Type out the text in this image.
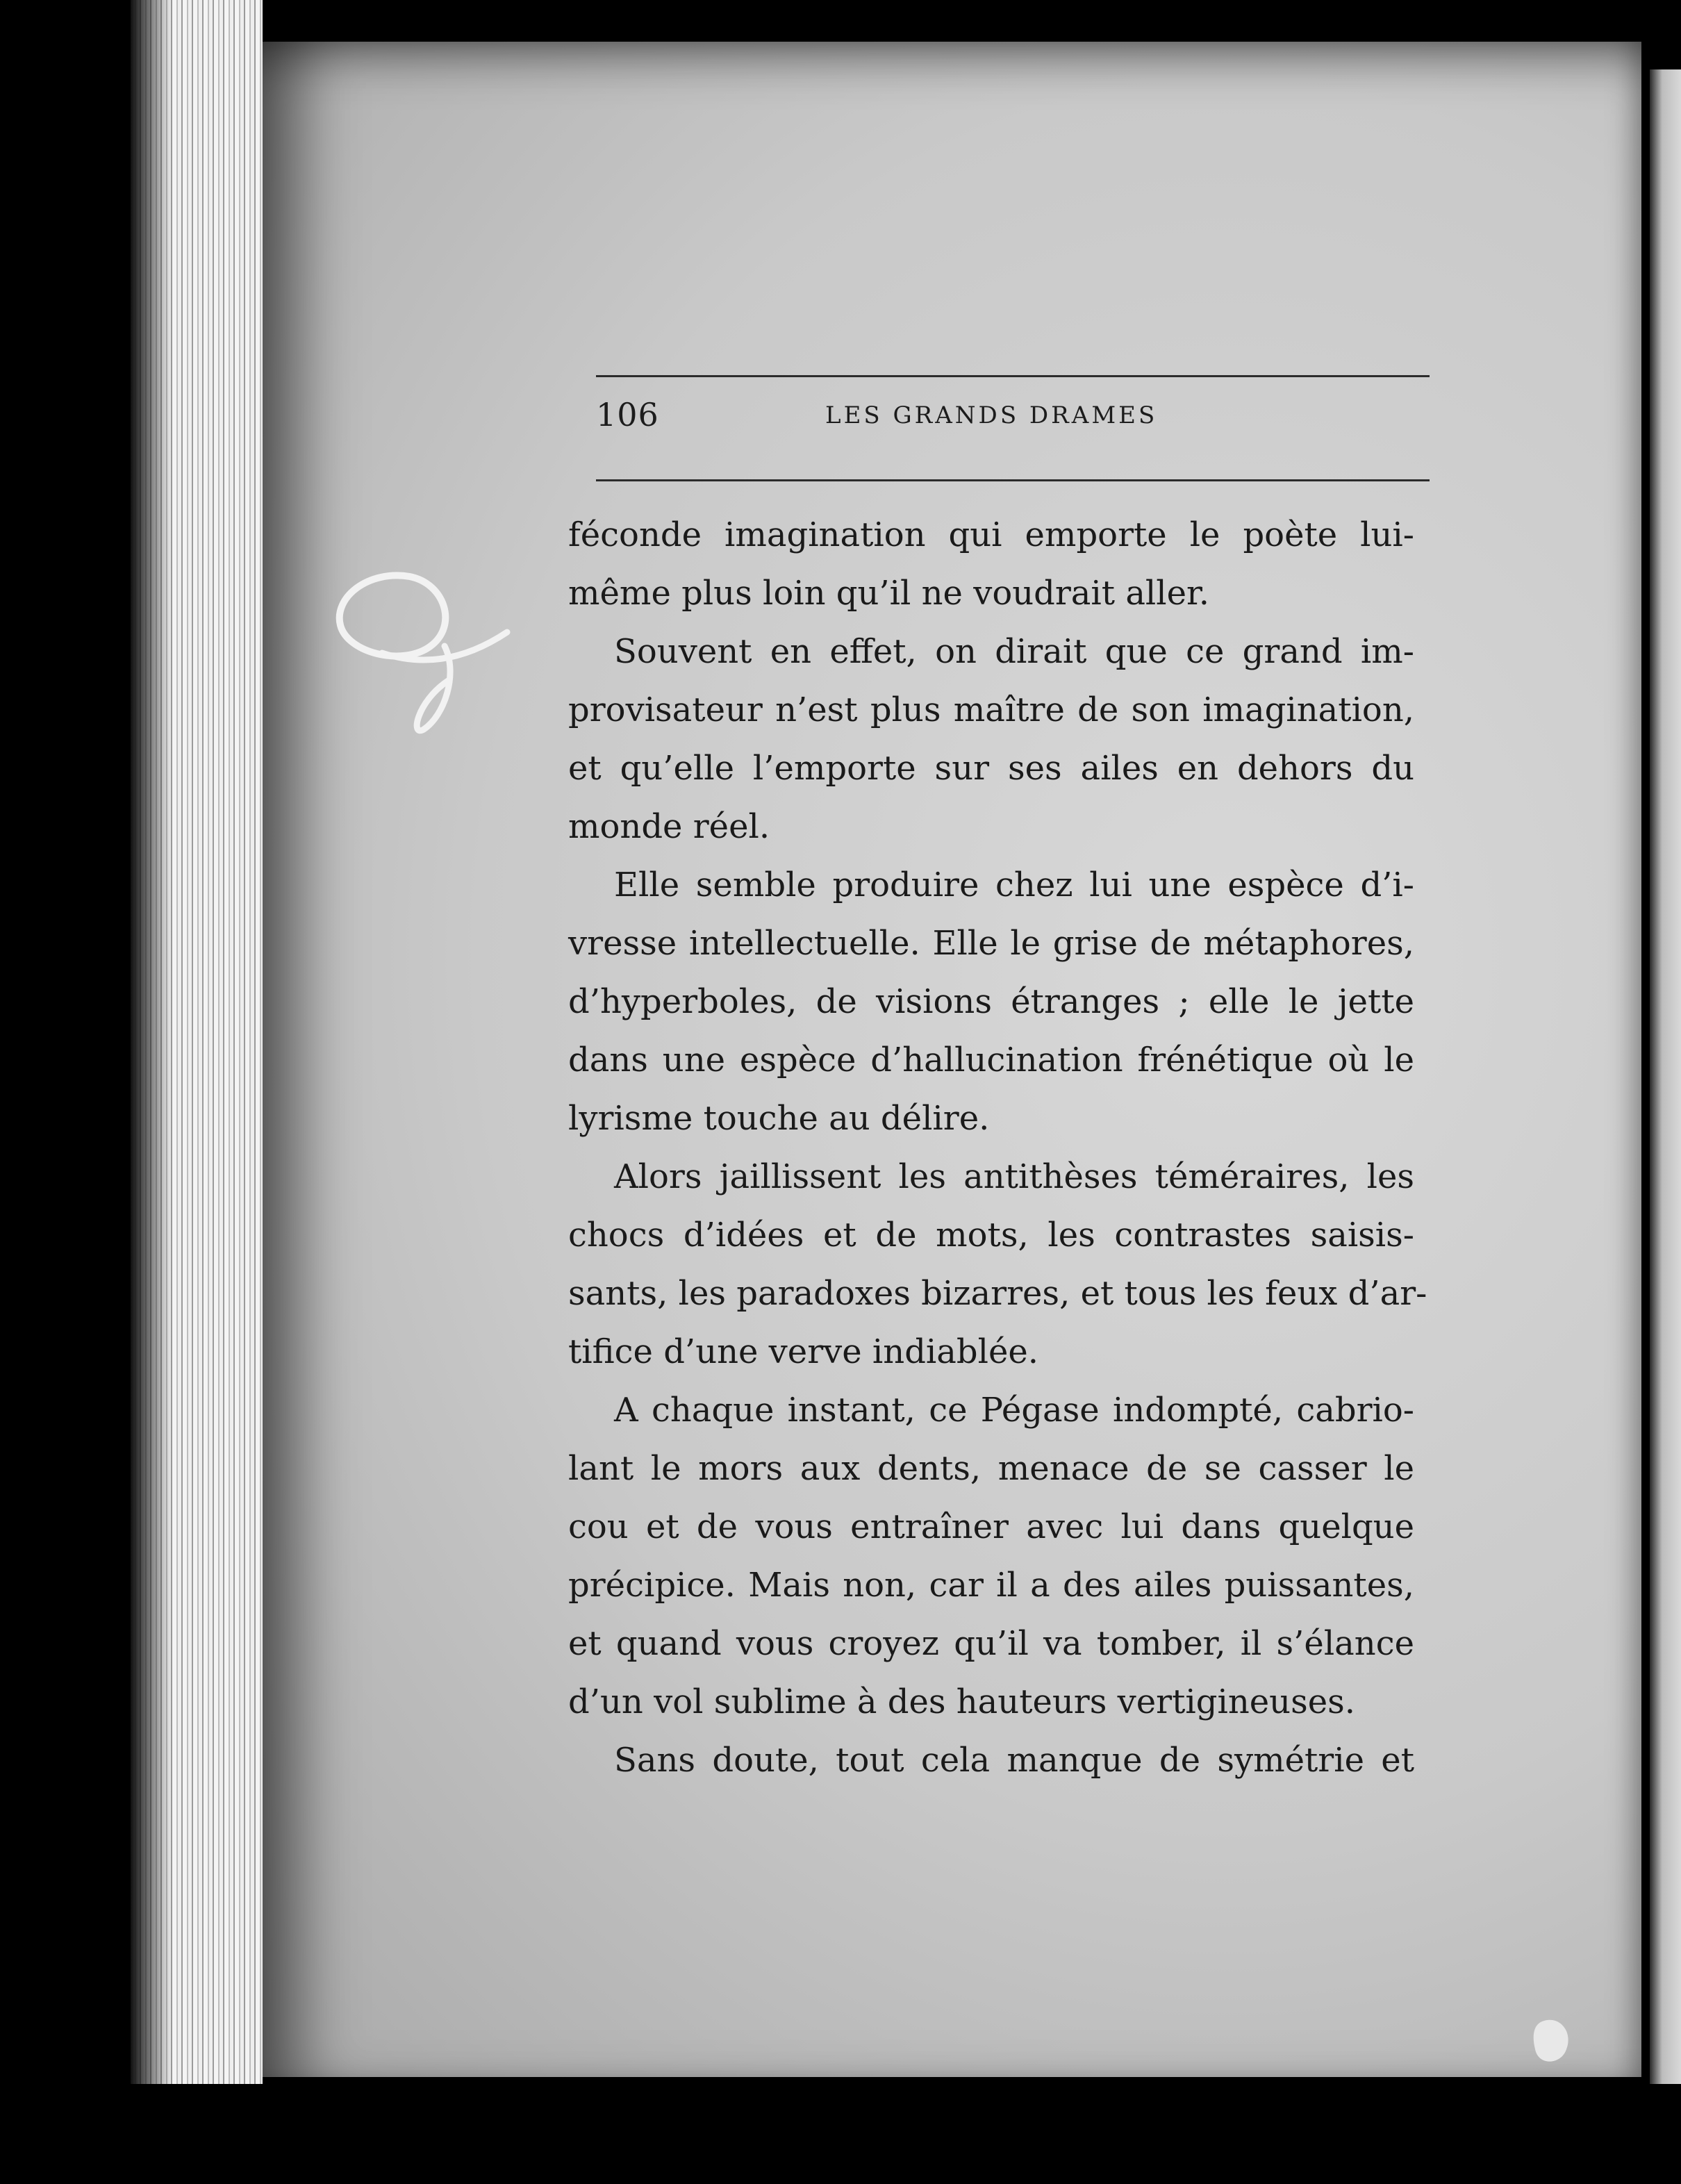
106	LES GRANDS DRAMES
féconde imagination qui emporte le poète lui-
même plus loin qu’il ne voudrait aller.
Souvent en effet, on dirait que ce grand im-
provisateur n’est plus maître de son imagination,
et qu’elle l’emporte sur ses ailes en dehors du
monde réel.
Elle semble produire chez lui une espèce d’i-
vresse intellectuelle. Elle le grise de métaphores,
d’hyperboles, de visions étranges ; elle le jette
dans une espèce d’hallucination frénétique où le
lyrisme touche au délire.
Alors jaillissent les antithèses téméraires, les
chocs d’idées et de mots, les contrastes saisis-
sants, les paradoxes bizarres, et tous les feux d’ar-
tifice d’une verve indiablée.
A chaque instant, ce Pégase indompté, cabrio-
lant le mors aux dents, menace de se casser le
cou et de vous entraîner avec lui dans quelque
précipice. Mais non, car il a des ailes puissantes,
et quand vous croyez qu’il va tomber, il s’élance
d’un vol sublime à des hauteurs vertigineuses.
Sans doute, tout cela manque de symétrie et
